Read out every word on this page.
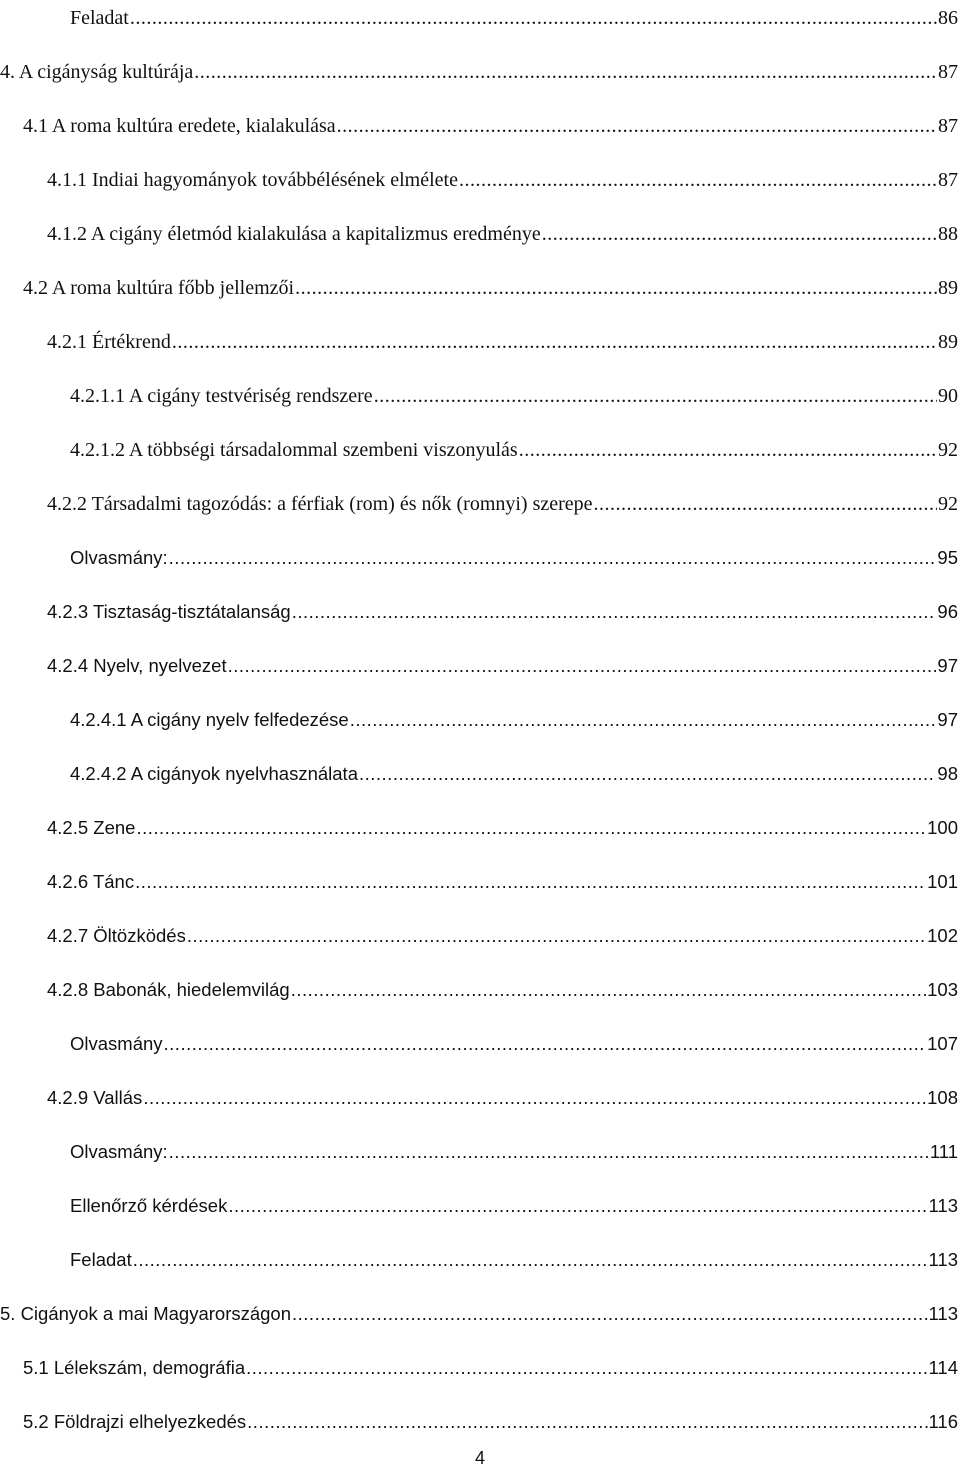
Feladat .....	86
4. A cigányság kultúrája .....	87
4.1 A roma kultúra eredete, kialakulása .....	87
4.1.1 Indiai hagyományok továbbélésének elmélete .....	87
4.1.2 A cigány életmód kialakulása a kapitalizmus eredménye .....	88
4.2 A roma kultúra főbb jellemzői .....	89
4.2.1 Értékrend .....	89
4.2.1.1 A cigány testvériség rendszere .....	90
4.2.1.2 A többségi társadalommal szembeni viszonyulás .....	92
4.2.2 Társadalmi tagozódás: a férfiak (rom) és nők (romnyi) szerepe .....	92
Olvasmány: .....	95
4.2.3 Tisztaság-tisztátalanság .....	96
4.2.4 Nyelv, nyelvezet .....	97
4.2.4.1 A cigány nyelv felfedezése .....	97
4.2.4.2 A cigányok nyelvhasználata .....	98
4.2.5 Zene .....	100
4.2.6 Tánc .....	101
4.2.7 Öltözködés .....	102
4.2.8 Babonák, hiedelemvilág .....	103
Olvasmány .....	107
4.2.9 Vallás .....	108
Olvasmány: .....	111
Ellenőrző kérdések .....	113
Feladat .....	113
5. Cigányok a mai Magyarországon .....	113
5.1 Lélekszám, demográfia .....	114
5.2 Földrajzi elhelyezkedés .....	116
4
